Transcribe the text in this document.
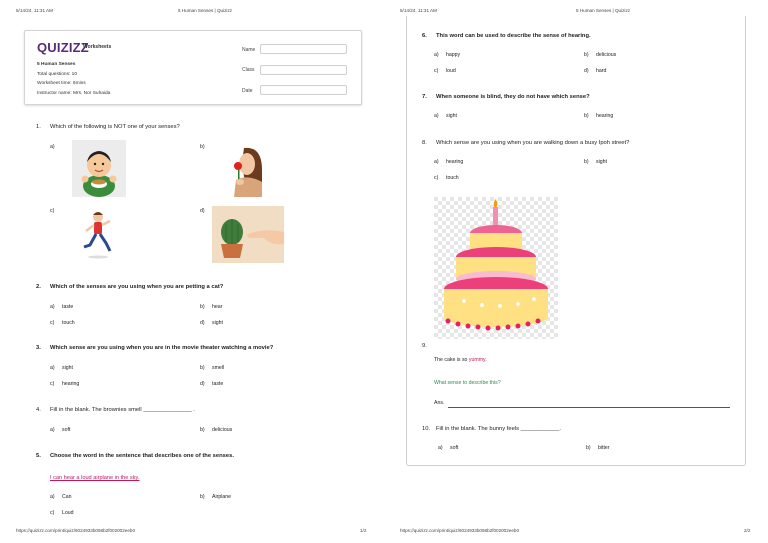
5/14/24, 11:31 AM	5 Human Senses | Quizizz
QUIZIZZ
Worksheets
5 Human Senses
Total questions: 10
Worksheet time: 6mins
Instructor name: Mrs. Nor Suhaida
Name
Class
Date
1. Which of the following is NOT one of your senses?
a)	b)
c)	d)
2. Which of the senses are you using when you are petting a cat?
a) taste	b) hear
c) touch	d) sight
3. Which sense are you using when you are in the movie theater watching a movie?
a) sight	b) smell
c) hearing	d) taste
4. Fill in the blank. The brownies smell _______________ .
a) soft	b) delicious
5. Choose the word in the sentence that describes one of the senses.
I can hear a loud airplane in the sky.
a) Can	b) Airplane
c) Loud
https://quizizz.com/print/quiz/6024933b058b2f002002eeb0	1/2
5/14/24, 11:31 AM	5 Human Senses | Quizizz
6. This word can be used to describe the sense of hearing.
a) happy	b) delicious
c) loud	d) hard
7. When someone is blind, they do not have which sense?
a) sight	b) hearing
8. Which sense are you using when you are walking down a busy Ipoh street?
a) hearing	b) sight
c) touch
9.
The cake is so yummy.
What sense to describe this?
Ans.
10. Fill in the blank. The bunny feels ____________.
a) soft	b) bitter
https://quizizz.com/print/quiz/6024933b058b2f002002eeb0	2/2
